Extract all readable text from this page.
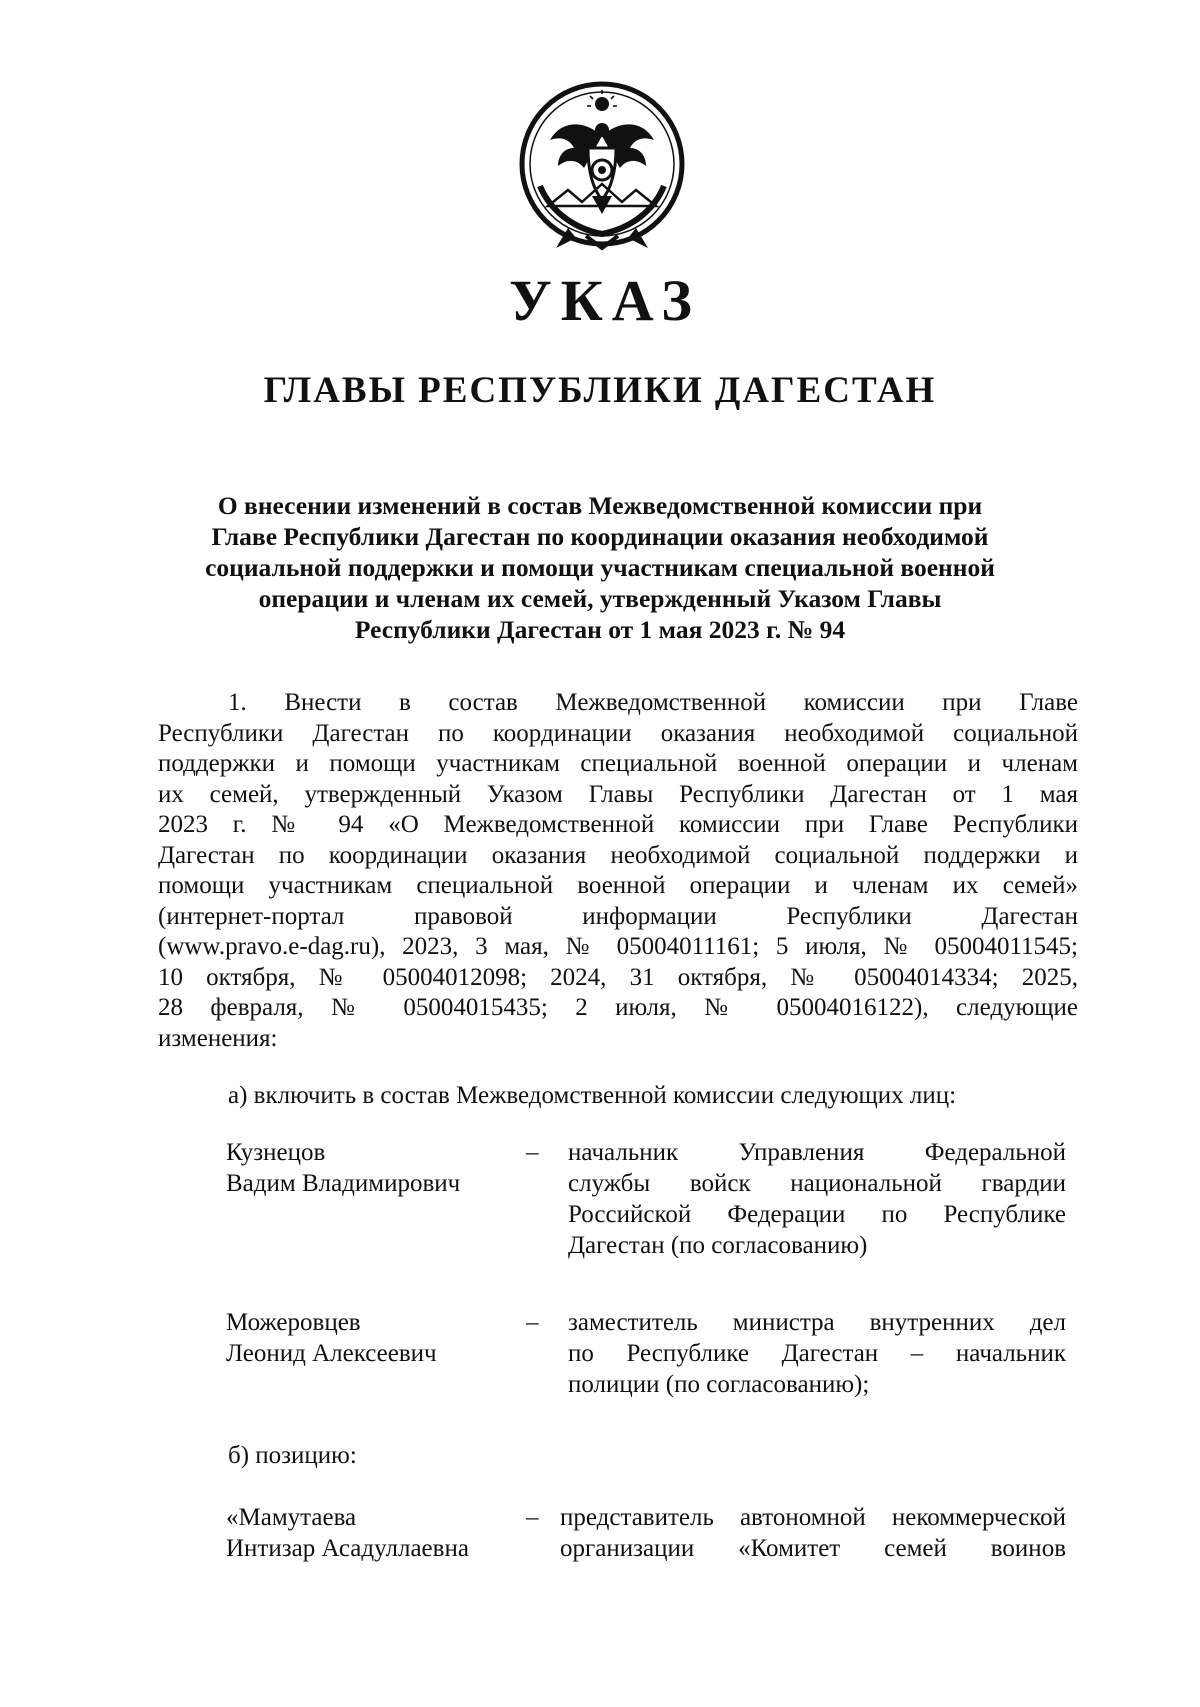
УКАЗ
ГЛАВЫ РЕСПУБЛИКИ ДАГЕСТАН
О внесении изменений в состав Межведомственной комиссии при
Главе Республики Дагестан по координации оказания необходимой
социальной поддержки и помощи участникам специальной военной
операции и членам их семей, утвержденный Указом Главы
Республики Дагестан от 1 мая 2023 г. № 94
1. Внести в состав Межведомственной комиссии при Главе
Республики Дагестан по координации оказания необходимой социальной
поддержки и помощи участникам специальной военной операции и членам
их семей, утвержденный Указом Главы Республики Дагестан от 1 мая
2023 г. № 94 «О Межведомственной комиссии при Главе Республики
Дагестан по координации оказания необходимой социальной поддержки и
помощи участникам специальной военной операции и членам их семей»
(интернет-портал правовой информации Республики Дагестан
(www.pravo.e-dag.ru), 2023, 3 мая, № 05004011161; 5 июля, № 05004011545;
10 октября, № 05004012098; 2024, 31 октября, № 05004014334; 2025,
28 февраля, № 05004015435; 2 июля, № 05004016122), следующие
изменения:
а) включить в состав Межведомственной комиссии следующих лиц:
Кузнецов
Вадим Владимирович
– начальник Управления Федеральной
службы войск национальной гвардии
Российской Федерации по Республике
Дагестан (по согласованию)
Можеровцев
Леонид Алексеевич
– заместитель министра внутренних дел
по Республике Дагестан – начальник
полиции (по согласованию);
б) позицию:
«Мамутаева
Интизар Асадуллаевна
– представитель автономной некоммерческой
организации «Комитет семей воинов
